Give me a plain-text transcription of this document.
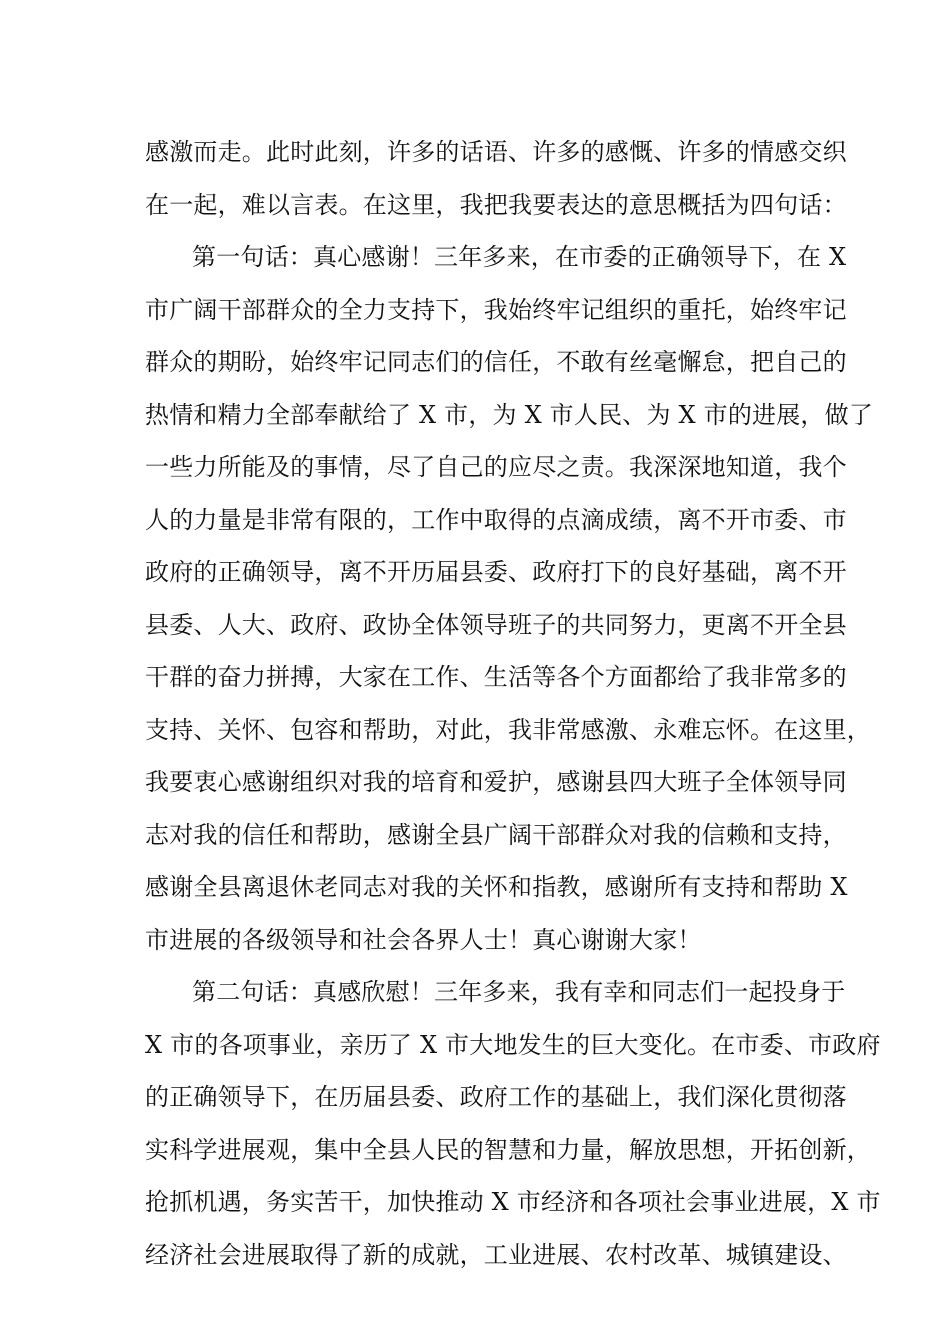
感激而走。此时此刻，许多的话语、许多的感慨、许多的情感交织
在一起，难以言表。在这里，我把我要表达的意思概括为四句话：
第一句话：真心感谢！三年多来，在市委的正确领导下，在 X
市广阔干部群众的全力支持下，我始终牢记组织的重托，始终牢记
群众的期盼，始终牢记同志们的信任，不敢有丝毫懈怠，把自己的
热情和精力全部奉献给了 X 市，为 X 市人民、为 X 市的进展，做了
一些力所能及的事情，尽了自己的应尽之责。我深深地知道，我个
人的力量是非常有限的，工作中取得的点滴成绩，离不开市委、市
政府的正确领导，离不开历届县委、政府打下的良好基础，离不开
县委、人大、政府、政协全体领导班子的共同努力，更离不开全县
干群的奋力拼搏，大家在工作、生活等各个方面都给了我非常多的
支持、关怀、包容和帮助，对此，我非常感激、永难忘怀。在这里，
我要衷心感谢组织对我的培育和爱护，感谢县四大班子全体领导同
志对我的信任和帮助，感谢全县广阔干部群众对我的信赖和支持，
感谢全县离退休老同志对我的关怀和指教，感谢所有支持和帮助 X
市进展的各级领导和社会各界人士！真心谢谢大家！
第二句话：真感欣慰！三年多来，我有幸和同志们一起投身于
X 市的各项事业，亲历了 X 市大地发生的巨大变化。在市委、市政府
的正确领导下，在历届县委、政府工作的基础上，我们深化贯彻落
实科学进展观，集中全县人民的智慧和力量，解放思想，开拓创新，
抢抓机遇，务实苦干，加快推动 X 市经济和各项社会事业进展，X 市
经济社会进展取得了新的成就，工业进展、农村改革、城镇建设、
